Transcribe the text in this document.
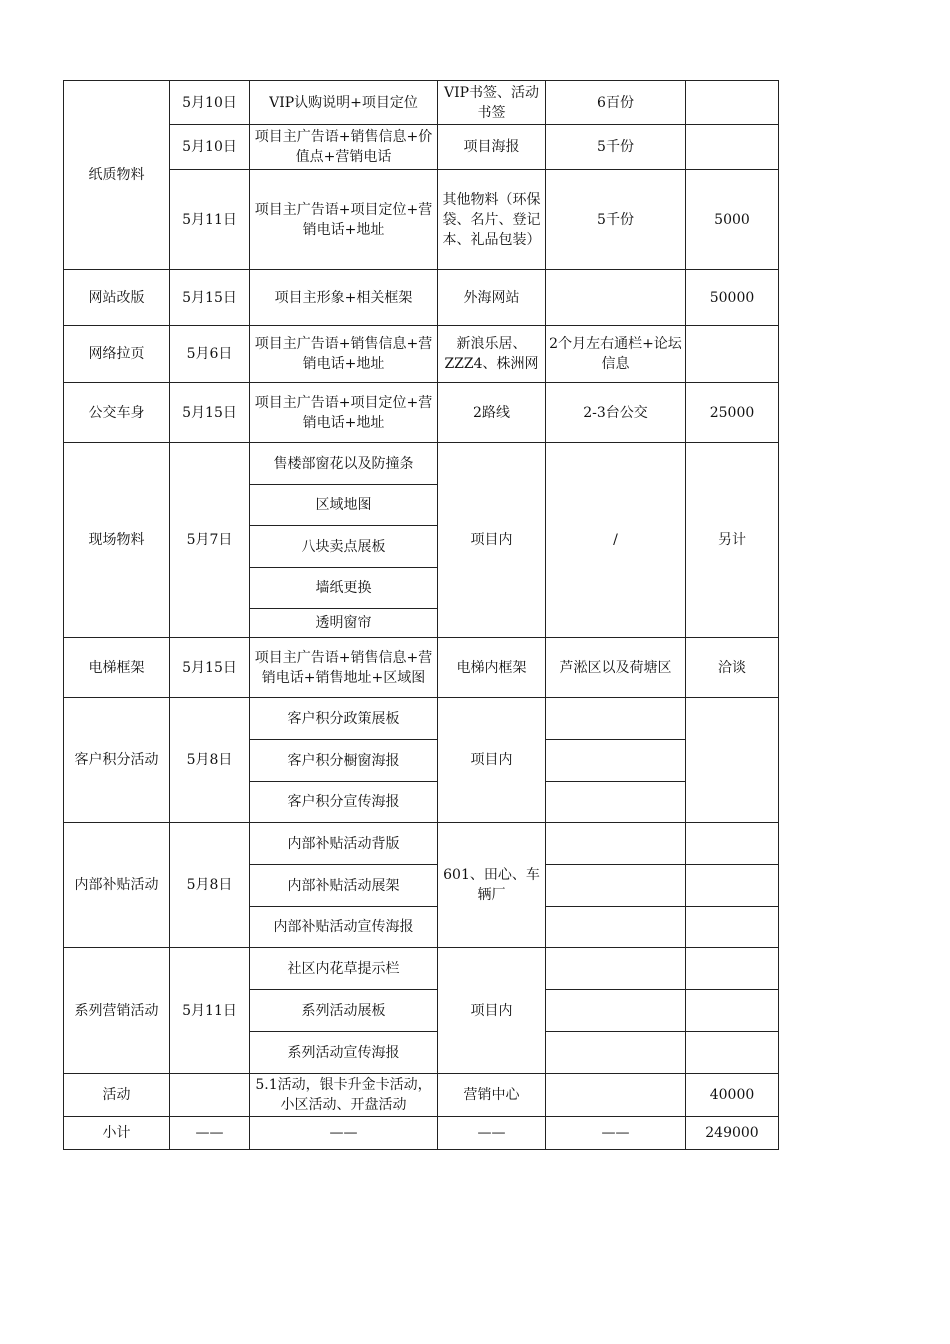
纸质物料	5月10日	VIP认购说明+项目定位	VIP书签、活动书签	6百份	
	5月10日	项目主广告语+销售信息+价值点+营销电话	项目海报	5千份	
	5月11日	项目主广告语+项目定位+营销电话+地址	其他物料（环保袋、名片、登记本、礼品包装）	5千份	5000
网站改版	5月15日	项目主形象+相关框架	外海网站		50000
网络拉页	5月6日	项目主广告语+销售信息+营销电话+地址	新浪乐居、ZZZ4、株洲网	2个月左右通栏+论坛信息	
公交车身	5月15日	项目主广告语+项目定位+营销电话+地址	2路线	2-3台公交	25000
现场物料	5月7日	售楼部窗花以及防撞条	项目内	/	另计
		区域地图			
		八块卖点展板			
		墙纸更换			
		透明窗帘			
电梯框架	5月15日	项目主广告语+销售信息+营销电话+销售地址+区域图	电梯内框架	芦淞区以及荷塘区	洽谈
客户积分活动	5月8日	客户积分政策展板	项目内		
		客户积分橱窗海报			
		客户积分宣传海报			
内部补贴活动	5月8日	内部补贴活动背版	601、田心、车辆厂		
		内部补贴活动展架			
		内部补贴活动宣传海报			
系列营销活动	5月11日	社区内花草提示栏	项目内		
		系列活动展板			
		系列活动宣传海报			
活动		5.1活动，银卡升金卡活动，小区活动、开盘活动	营销中心		40000
小计	——	——	——	——	249000
